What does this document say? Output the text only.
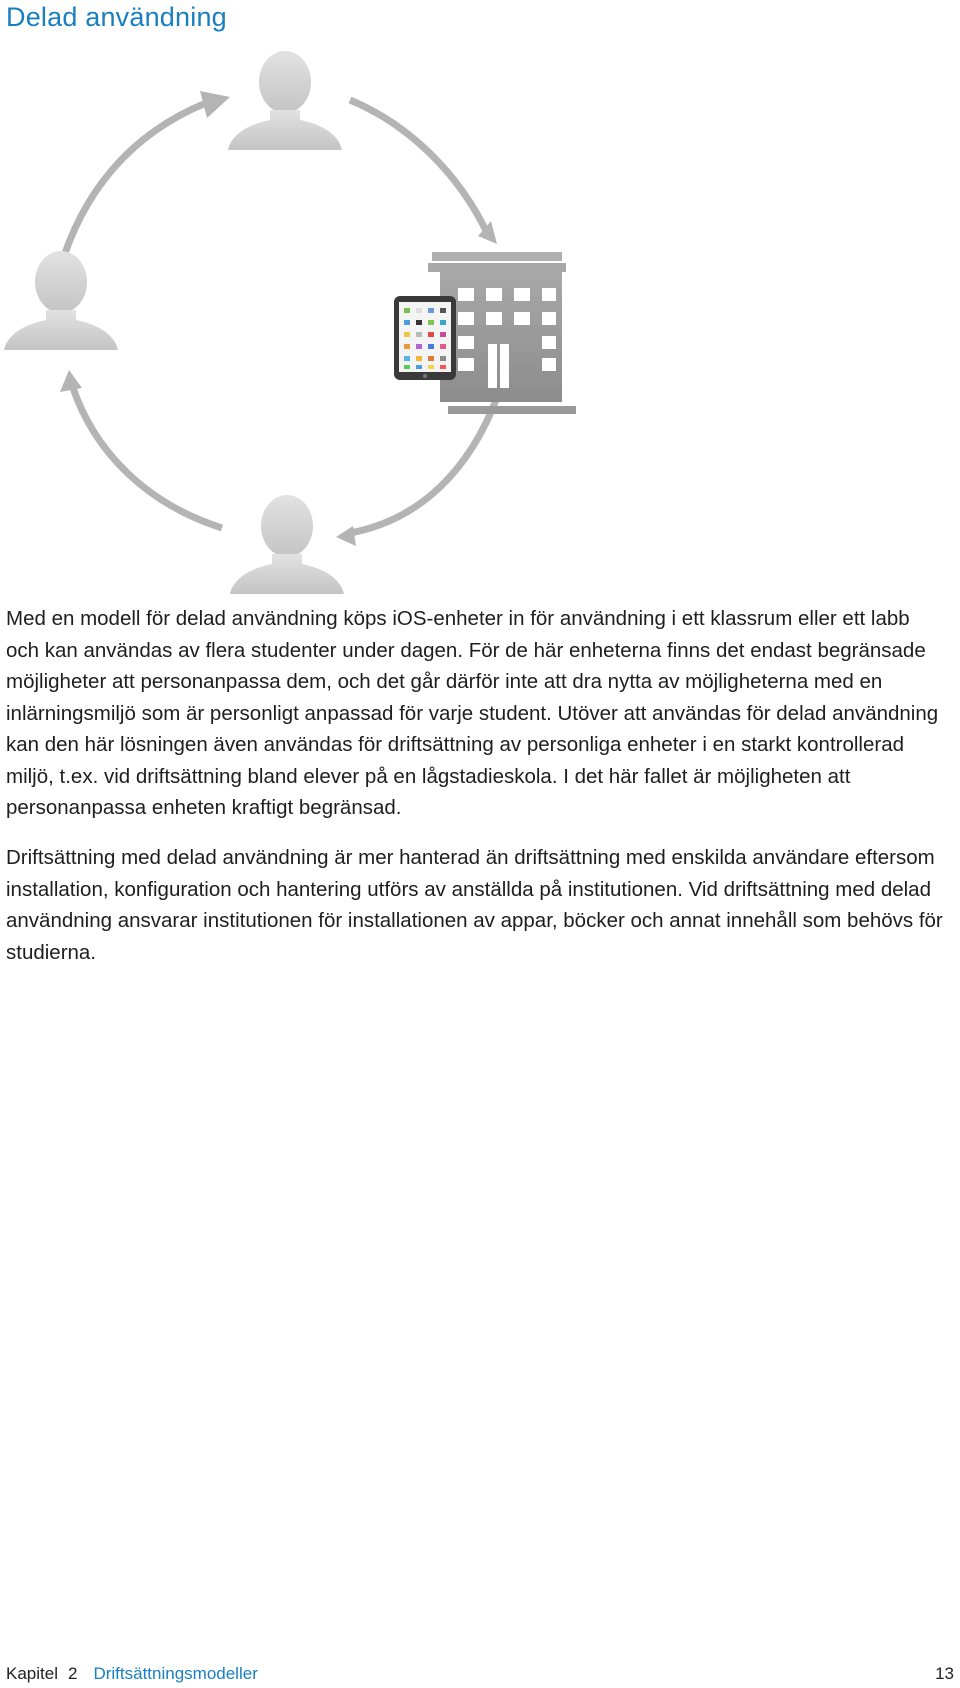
Delad användning

Med en modell för delad användning köps iOS-enheter in för användning i ett klassrum eller ett labb och kan användas av flera studenter under dagen. För de här enheterna finns det endast begränsade möjligheter att personanpassa dem, och det går därför inte att dra nytta av möjligheterna med en inlärningsmiljö som är personligt anpassad för varje student. Utöver att användas för delad användning kan den här lösningen även användas för driftsättning av personliga enheter i en starkt kontrollerad miljö, t.ex. vid driftsättning bland elever på en lågstadieskola. I det här fallet är möjligheten att personanpassa enheten kraftigt begränsad.

Driftsättning med delad användning är mer hanterad än driftsättning med enskilda användare eftersom installation, konfiguration och hantering utförs av anställda på institutionen. Vid driftsättning med delad användning ansvarar institutionen för installationen av appar, böcker och annat innehåll som behövs för studierna.

Kapitel 2 Driftsättningsmodeller	13
